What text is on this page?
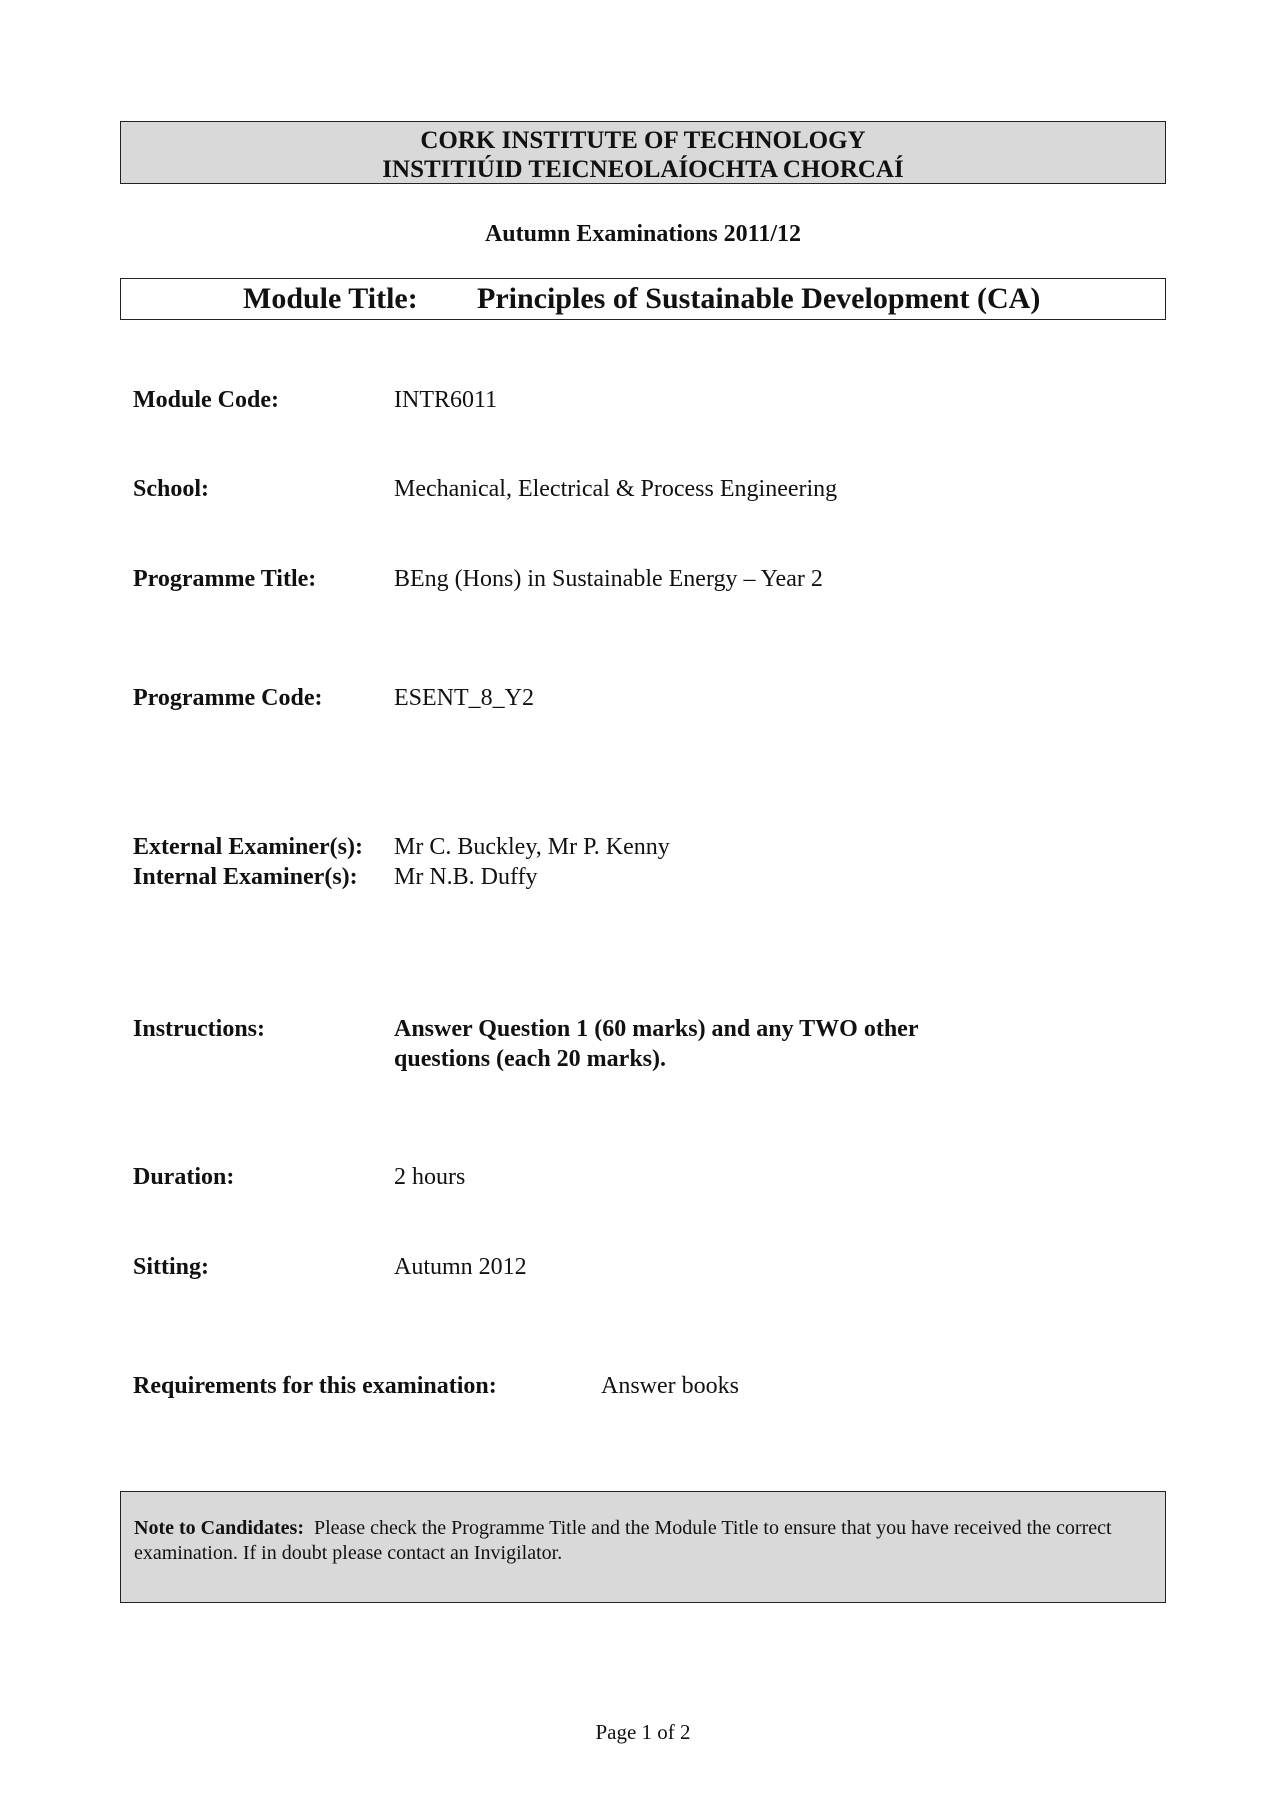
CORK INSTITUTE OF TECHNOLOGY
INSTITIÚID TEICNEOLAÍOCHTA CHORCAÍ
Autumn Examinations 2011/12
Module Title: Principles of Sustainable Development (CA)
Module Code:	INTR6011
School:	Mechanical, Electrical & Process Engineering
Programme Title:	BEng (Hons) in Sustainable Energy – Year 2
Programme Code:	ESENT_8_Y2
External Examiner(s): Mr C. Buckley, Mr P. Kenny
Internal Examiner(s): Mr N.B. Duffy
Instructions:	Answer Question 1 (60 marks) and any TWO other
questions (each 20 marks).
Duration:	2 hours
Sitting:	Autumn 2012
Requirements for this examination:	Answer books
Note to Candidates: Please check the Programme Title and the Module Title to ensure that you have received the correct examination. If in doubt please contact an Invigilator.
Page 1 of 2
